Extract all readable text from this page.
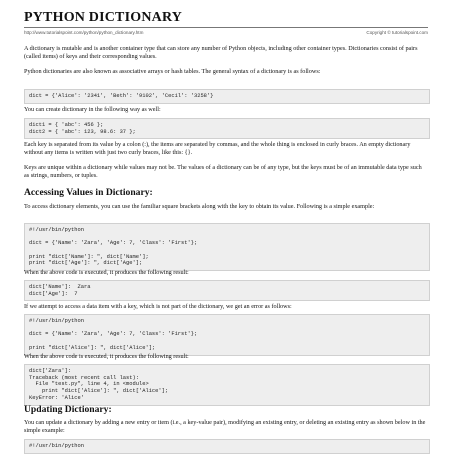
PYTHON DICTIONARY
http://www.tutorialspoint.com/python/python_dictionary.htm	Copyright © tutorialspoint.com

A dictionary is mutable and is another container type that can store any number of Python objects, including other container types. Dictionaries consist of pairs (called items) of keys and their corresponding values.

Python dictionaries are also known as associative arrays or hash tables. The general syntax of a dictionary is as follows:

dict = {'Alice': '2341', 'Beth': '9102', 'Cecil': '3258'}

You can create dictionary in the following way as well:

dict1 = { 'abc': 456 };
dict2 = { 'abc': 123, 98.6: 37 };

Each key is separated from its value by a colon (:), the items are separated by commas, and the whole thing is enclosed in curly braces. An empty dictionary without any items is written with just two curly braces, like this: {}.

Keys are unique within a dictionary while values may not be. The values of a dictionary can be of any type, but the keys must be of an immutable data type such as strings, numbers, or tuples.

Accessing Values in Dictionary:

To access dictionary elements, you can use the familiar square brackets along with the key to obtain its value. Following is a simple example:

#!/usr/bin/python
dict = {'Name': 'Zara', 'Age': 7, 'Class': 'First'};
print "dict['Name']: ", dict['Name'];
print "dict['Age']: ", dict['Age'];

When the above code is executed, it produces the following result:

dict['Name']:  Zara
dict['Age']:  7

If we attempt to access a data item with a key, which is not part of the dictionary, we get an error as follows:

#!/usr/bin/python
dict = {'Name': 'Zara', 'Age': 7, 'Class': 'First'};
print "dict['Alice']: ", dict['Alice'];

When the above code is executed, it produces the following result:

dict['Zara']:
Traceback (most recent call last):
File "test.py", line 4, in <module>
print "dict['Alice']: ", dict['Alice'];
KeyError: 'Alice'
Updating Dictionary:

You can update a dictionary by adding a new entry or item (i.e., a key-value pair), modifying an existing entry, or deleting an existing entry as shown below in the simple example:

#!/usr/bin/python
